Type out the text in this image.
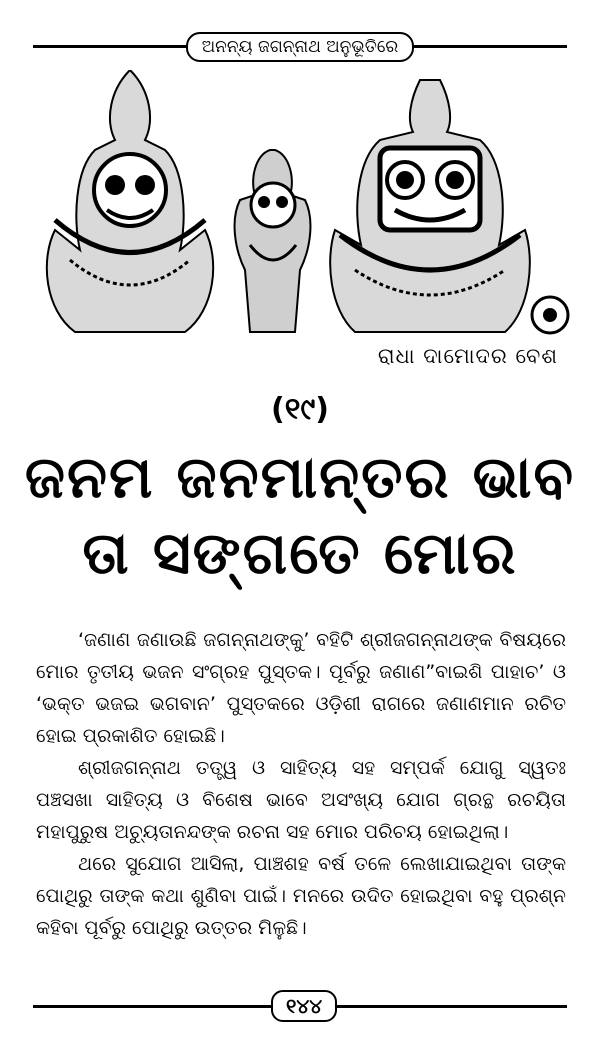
ଅନନ୍ୟ ଜଗନ୍ନାଥ ଅନୁଭୂତିରେ
ରାଧା ଦାମୋଦର ବେଶ
(୧୯)
ଜନମ ଜନମାନ୍ତର ଭାବ
ତା ସଙ୍ଗତେ ମୋର

‘ଜଣାଣ ଜଣାଉଛି ଜଗନ୍ନାଥଙ୍କୁ’ ବହିଟି ଶ୍ରୀଜଗନ୍ନାଥଙ୍କ ବିଷୟରେ ମୋର ତୃତୀୟ ଭଜନ ସଂଗ୍ରହ ପୁସ୍ତକ। ପୂର୍ବରୁ ଜଣାଣ”ବାଇଶି ପାହାଚ’ ଓ ‘ଭକ୍ତ ଭଜଇ ଭଗବାନ’ ପୁସ୍ତକରେ ଓଡ଼ିଶୀ ରାଗରେ ଜଣାଣମାନ ରଚିତ ହୋଇ ପ୍ରକାଶିତ ହୋଇଛି।

ଶ୍ରୀଜଗନ୍ନାଥ ତତ୍ତ୍ୱ ଓ ସାହିତ୍ୟ ସହ ସମ୍ପର୍କ ଯୋଗୁ ସ୍ୱତଃ ପଞ୍ଚସଖା ସାହିତ୍ୟ ଓ ବିଶେଷ ଭାବେ ଅସଂଖ୍ୟ ଯୋଗ ଗ୍ରନ୍ଥ ରଚୟିତା ମହାପୁରୁଷ ଅଚ୍ୟୁତାନନ୍ଦଙ୍କ ରଚନା ସହ ମୋର ପରିଚୟ ହୋଇଥିଲା।

ଥରେ ସୁଯୋଗ ଆସିଲା, ପାଞ୍ଚଶହ ବର୍ଷ ତଳେ ଲେଖାଯାଇଥିବା ତାଙ୍କ ପୋଥିରୁ ତାଙ୍କ କଥା ଶୁଣିବା ପାଇଁ। ମନରେ ଉଦିତ ହୋଇଥିବା ବହୁ ପ୍ରଶ୍ନ କହିବା ପୂର୍ବରୁ ପୋଥିରୁ ଉତ୍ତର ମିଳୁଛି।

୧୪୪
